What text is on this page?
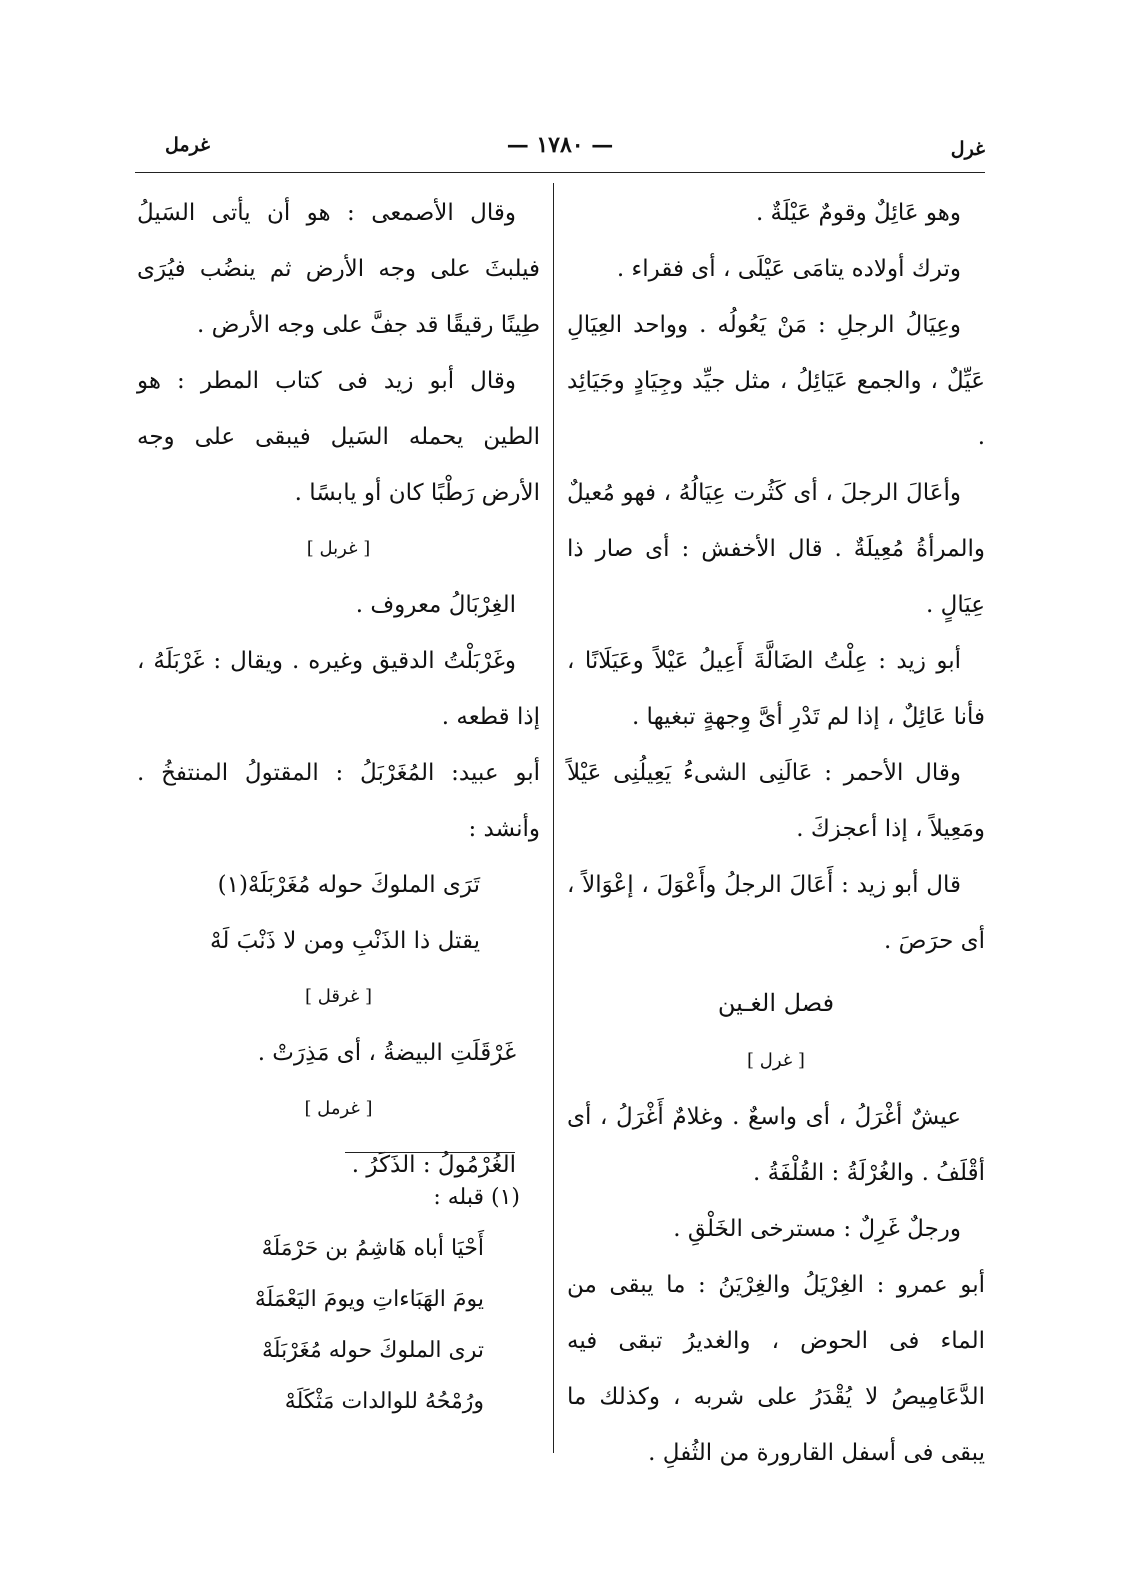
غرل
— ١٧٨٠ —
غرمل

وهو عَائِلٌ وقومٌ عَيْلَةٌ .

وترك أولاده يتامَى عَيْلَى ، أى فقراء .

وعِيَالُ الرجلِ : مَنْ يَعُولُه . وواحد العِيَالِ عَيِّلٌ ، والجمع عَيَائِلُ ، مثل جيِّد وجِيَادٍ وجَيَائِد .

وأعَالَ الرجلَ ، أى كَثُرت عِيَالُهُ ، فهو مُعيلٌ والمرأةُ مُعِيلَةٌ . قال الأخفش : أى صار ذا عِيَالٍ .

أبو زيد : عِلْتُ الضَالَّةَ أَعِيلُ عَيْلاً وعَيَلَانًا ، فأنا عَائِلٌ ، إذا لم تَدْرِ أىَّ وِجهةٍ تبغيها .

وقال الأحمر : عَالَنِى الشىءُ يَعِيلُنِى عَيْلاً ومَعِيلاً ، إذا أعجزكَ .

قال أبو زيد : أَعَالَ الرجلُ وأَعْوَلَ ، إعْوَالاً ، أى حرَصَ .

فصل الغـين

[ غرل ]

عيشٌ أغْرَلُ ، أى واسعٌ . وغلامٌ أَغْرَلُ ، أى أقْلَفُ . والغُرْلَةُ : القُلْفَةُ .

ورجلٌ غَرِلٌ : مسترخى الخَلْقِ .

أبو عمرو : الغِرْيَلُ والغِرْيَنُ : ما يبقى من الماء فى الحوض ، والغديرُ تبقى فيه الدَّعَامِيصُ لا يُقْدَرُ على شربه ، وكذلك ما يبقى فى أسفل القارورة من الثُفلِ .

وقال الأصمعى : هو أن يأتى السَيلُ فيلبثَ على وجه الأرض ثم ينضُب فيُرَى طِينًا رقيقًا قد جفَّ على وجه الأرض .

وقال أبو زيد فى كتاب المطر : هو الطين يحمله السَيل فيبقى على وجه الأرض رَطْبًا كان أو يابسًا .

[ غربل ]

الغِرْبَالُ معروف .

وغَرْبَلْتُ الدقيق وغيره . ويقال : غَرْبَلَهُ ، إذا قطعه .

أبو عبيد: المُغَرْبَلُ : المقتولُ المنتفخُ . وأنشد :

تَرَى الملوكَ حوله مُغَرْبَلَهْ(١)

يقتل ذا الذَنْبِ ومن لا ذَنْبَ لَهْ

[ غرقل ]

غَرْقَلَتِ البيضةُ ، أى مَذِرَتْ .

[ غرمل ]

الغُرْمُولُ : الذَكَرُ .

(١) قبله :

أَحْيَا أباه هَاشِمُ بن حَرْمَلَهْ

يومَ الهَبَاءاتِ ويومَ اليَعْمَلَهْ

ترى الملوكَ حوله مُغَرْبَلَهْ

ورُمْحُهُ للوالدات مَثْكَلَهْ
